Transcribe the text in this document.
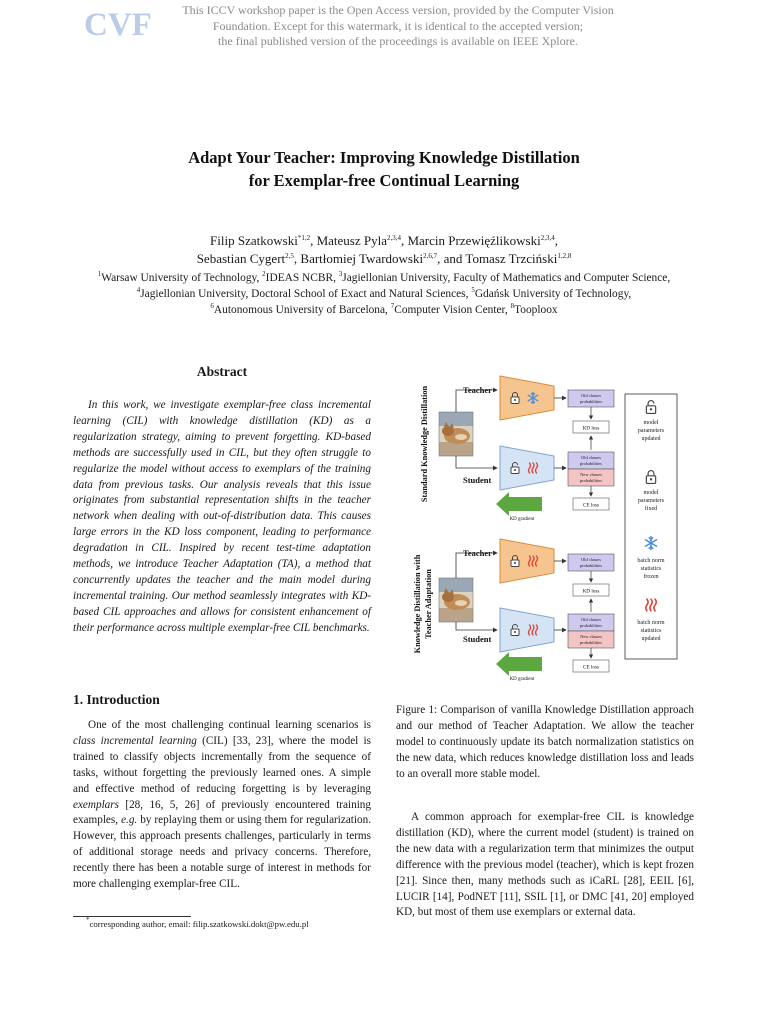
CVF	This ICCV workshop paper is the Open Access version, provided by the Computer Vision
Foundation. Except for this watermark, it is identical to the accepted version;
the final published version of the proceedings is available on IEEE Xplore.
Adapt Your Teacher: Improving Knowledge Distillation
for Exemplar-free Continual Learning
Filip Szatkowski$^{*1,2}$, Mateusz Pyla$^{2,3,4}$, Marcin Przewięźlikowski$^{2,3,4}$,
Sebastian Cygert$^{2,5}$, Bartłomiej Twardowski$^{2,6,7}$, and Tomasz Trzciński$^{1,2,8}$
$^1$Warsaw University of Technology, $^2$IDEAS NCBR, $^3$Jagiellonian University, Faculty of Mathematics and Computer Science,
$^4$Jagiellonian University, Doctoral School of Exact and Natural Sciences, $^5$Gdańsk University of Technology,
$^6$Autonomous University of Barcelona, $^7$Computer Vision Center, $^8$Tooploox
Abstract
In this work, we investigate exemplar-free class incremental learning (CIL) with knowledge distillation (KD) as a regularization strategy, aiming to prevent forgetting. KD-based methods are successfully used in CIL, but they often struggle to regularize the model without access to exemplars of the training data from previous tasks. Our analysis reveals that this issue originates from substantial representation shifts in the teacher network when dealing with out-of-distribution data. This causes large errors in the KD loss component, leading to performance degradation in CIL. Inspired by recent test-time adaptation methods, we introduce Teacher Adaptation (TA), a method that concurrently updates the teacher and the main model during incremental training. Our method seamlessly integrates with KD-based CIL approaches and allows for consistent enhancement of their performance across multiple exemplar-free CIL benchmarks.
1. Introduction
One of the most challenging continual learning scenarios is class incremental learning (CIL) [33, 23], where the model is trained to classify objects incrementally from the sequence of tasks, without forgetting the previously learned ones. A simple and effective method of reducing forgetting is by leveraging exemplars [28, 16, 5, 26] of previously encountered training examples, e.g. by replaying them or using them for regularization. However, this approach presents challenges, particularly in terms of additional storage needs and privacy concerns. Therefore, recently there has been a notable surge of interest in methods for more challenging exemplar-free CIL.
*corresponding author, email: filip.szatkowski.dokt@pw.edu.pl
Standard Knowledge Distillation	Teacher
Student
Old classes
probabilities
KD loss
Old classes
probabilities
New classes
probabilities
CE loss
KD gradient
Knowledge Distillation with Teacher Adaptation
Teacher
Student
Old classes
probabilities
KD loss
Old classes
probabilities
New classes
probabilities
CE loss
KD gradient
model
parameters
updated
model
parameters
fixed
batch norm
statistics
frozen
batch norm
statistics
updated
Figure 1: Comparison of vanilla Knowledge Distillation approach and our method of Teacher Adaptation. We allow the teacher model to continuously update its batch normalization statistics on the new data, which reduces knowledge distillation loss and leads to an overall more stable model.
A common approach for exemplar-free CIL is knowledge distillation (KD), where the current model (student) is trained on the new data with a regularization term that minimizes the output difference with the previous model (teacher), which is kept frozen [21]. Since then, many methods such as iCaRL [28], EEIL [6], LUCIR [14], PodNET [11], SSIL [1], or DMC [41, 20] employed KD, but most of them use exemplars or external data.
